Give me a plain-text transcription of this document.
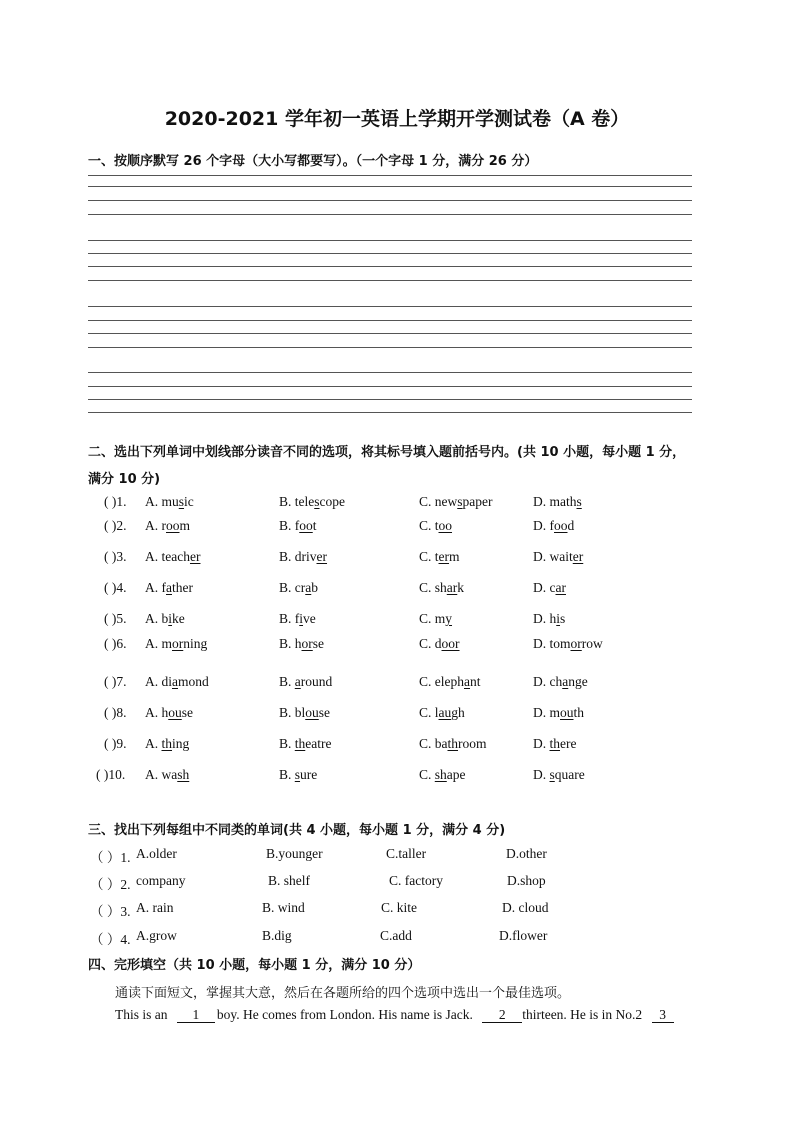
2020-2021 学年初一英语上学期开学测试卷（A 卷）
一、按顺序默写 26 个字母（大小写都要写）。（一个字母 1 分，满分 26 分）
二、选出下列单词中划线部分读音不同的选项，将其标号填入题前括号内。(共 10 小题，每小题 1 分，
满分 10 分)
( )1. A. music	B. telescope	C. newspaper	D. maths
( )2. A. room	B. foot	C. too	D. food
( )3. A. teacher	B. driver	C. term	D. waiter
( )4. A. father	B. crab	C. shark	D. car
( )5. A. bike	B. five	C. my	D. his
( )6. A. morning	B. horse	C. door	D. tomorrow
( )7. A. diamond	B. around	C. elephant	D. change
( )8. A. house	B. blouse	C. laugh	D. mouth
( )9. A. thing	B. theatre	C. bathroom	D. there
( )10. A. wash	B. sure	C. shape	D. square
三、找出下列每组中不同类的单词(共 4 小题，每小题 1 分，满分 4 分)
（ ）1. A.older	B.younger	C.taller	D.other
（ ）2. company	B. shelf	C. factory	D.shop
（ ）3. A. rain	B. wind	C. kite	D. cloud
（ ）4. A.grow	B.dig	C.add	D.flower
四、完形填空（共 10 小题，每小题 1 分，满分 10 分）
通读下面短文，掌握其大意，然后在各题所给的四个选项中选出一个最佳选项。
This is an 1 boy. He comes from London. His name is Jack. 2 thirteen. He is in No.2 3
